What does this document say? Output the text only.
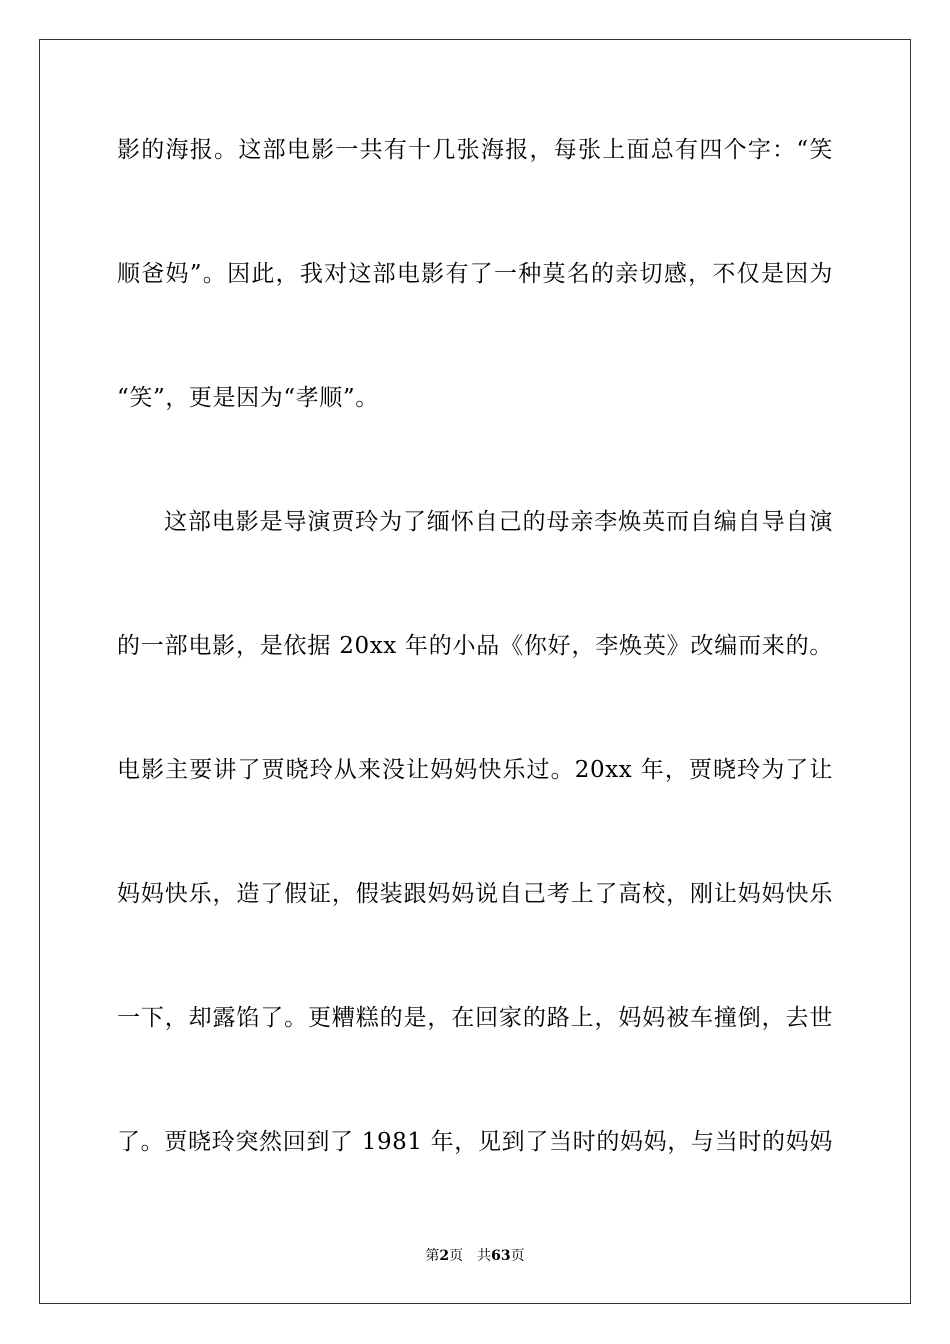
影的海报。这部电影一共有十几张海报，每张上面总有四个字：“笑
顺爸妈”。因此，我对这部电影有了一种莫名的亲切感，不仅是因为
“笑”，更是因为“孝顺”。
这部电影是导演贾玲为了缅怀自己的母亲李焕英而自编自导自演
的一部电影，是依据 20xx 年的小品《你好，李焕英》改编而来的。
电影主要讲了贾晓玲从来没让妈妈快乐过。20xx 年，贾晓玲为了让
妈妈快乐，造了假证，假装跟妈妈说自己考上了高校，刚让妈妈快乐
一下，却露馅了。更糟糕的是，在回家的路上，妈妈被车撞倒，去世
了。贾晓玲突然回到了 1981 年，见到了当时的妈妈，与当时的妈妈
第2页 共63页
